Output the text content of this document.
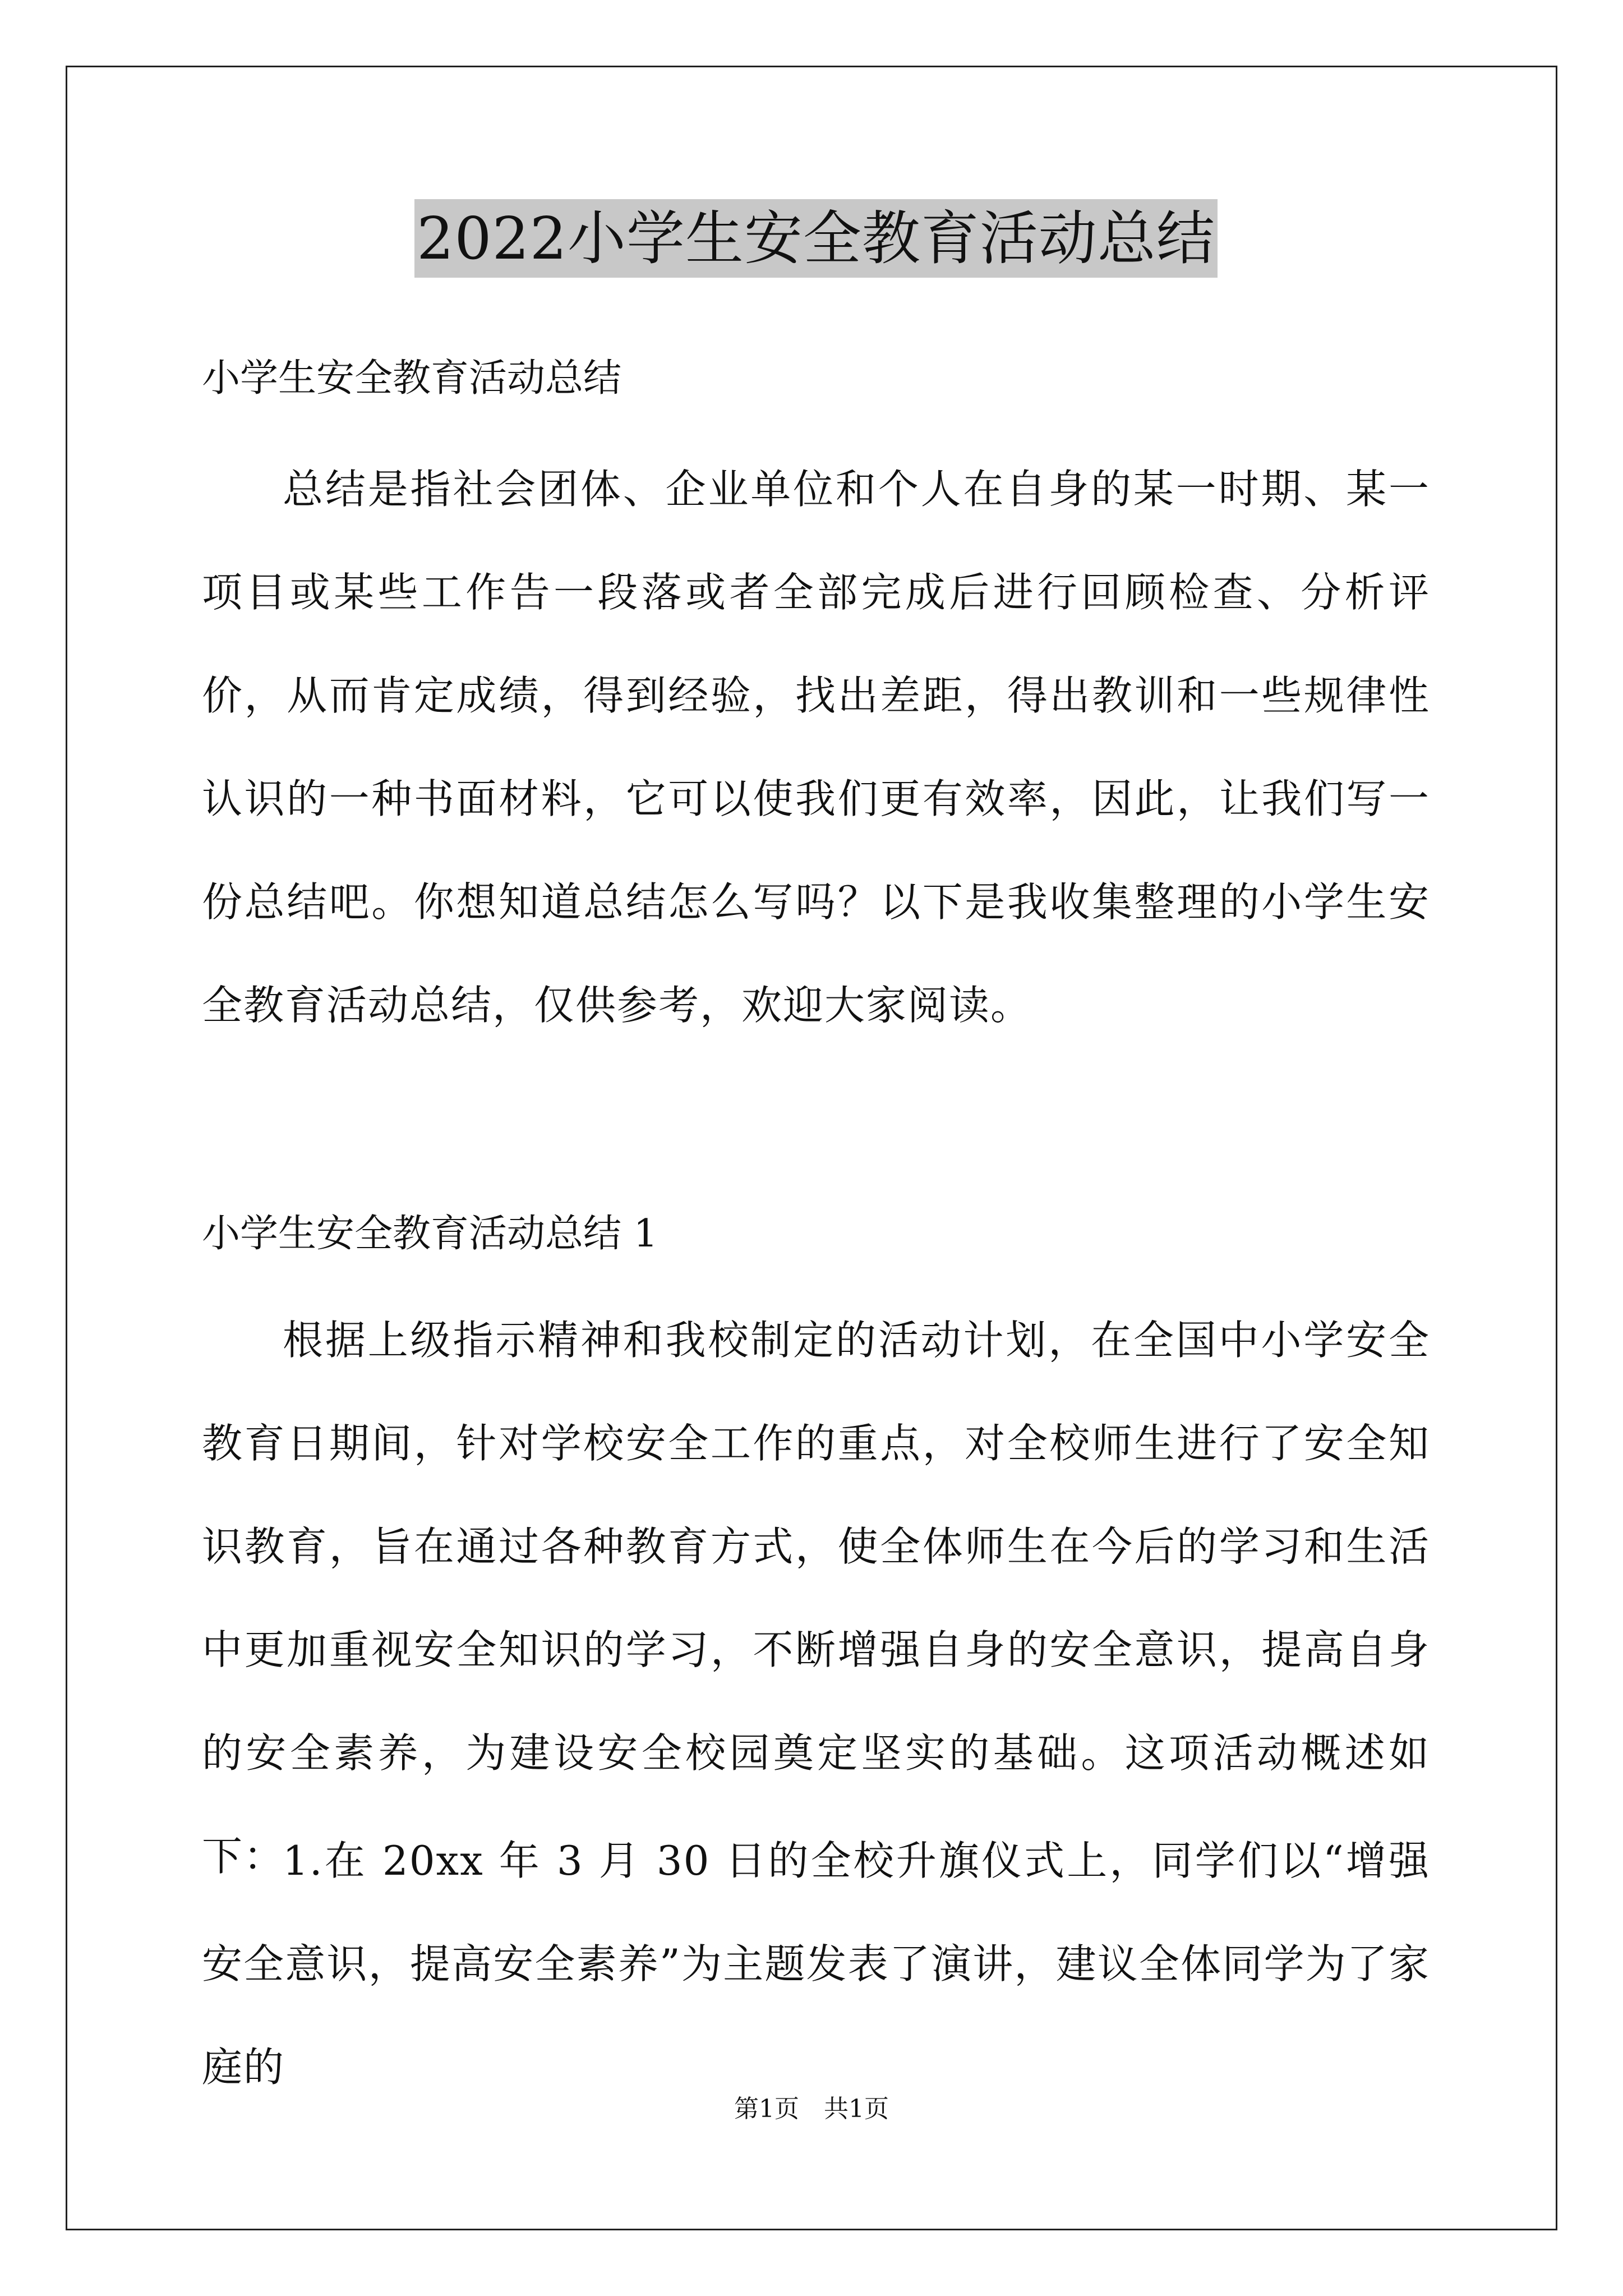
2022小学生安全教育活动总结
小学生安全教育活动总结
总结是指社会团体、企业单位和个人在自身的某一时期、某一项目或某些工作告一段落或者全部完成后进行回顾检查、分析评价，从而肯定成绩，得到经验，找出差距，得出教训和一些规律性认识的一种书面材料，它可以使我们更有效率，因此，让我们写一份总结吧。你想知道总结怎么写吗？以下是我收集整理的小学生安全教育活动总结，仅供参考，欢迎大家阅读。
小学生安全教育活动总结 1
根据上级指示精神和我校制定的活动计划，在全国中小学安全教育日期间，针对学校安全工作的重点，对全校师生进行了安全知识教育，旨在通过各种教育方式，使全体师生在今后的学习和生活中更加重视安全知识的学习，不断增强自身的安全意识，提高自身的安全素养，为建设安全校园奠定坚实的基础。这项活动概述如下：
1.在 20xx 年 3 月 30 日的全校升旗仪式上，同学们以“增强安全意识，提高安全素养”为主题发表了演讲，建议全体同学为了家庭的
第1页　共1页
